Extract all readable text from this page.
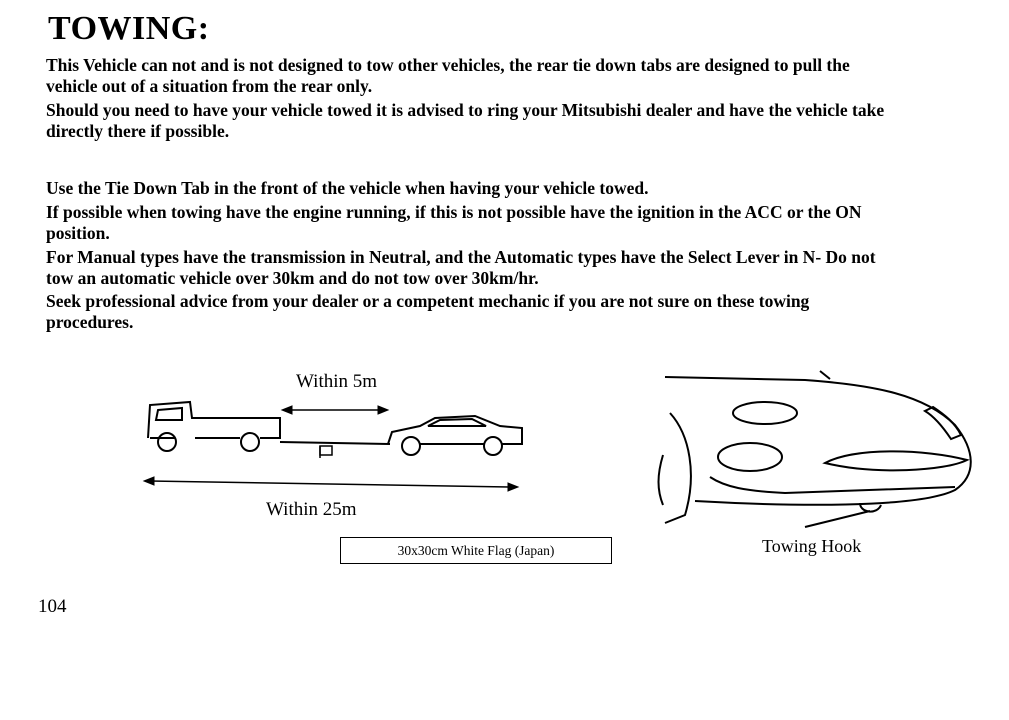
TOWING:
This Vehicle can not and is not designed to tow other vehicles, the rear tie down tabs are designed to pull the
vehicle out of a situation from the rear only.
Should you need to have your vehicle towed it is advised to ring your Mitsubishi dealer and have the vehicle take
directly there if possible.
Use the Tie Down Tab in the front of the vehicle when having your vehicle towed.
If possible when towing have the engine running, if this is not possible have the ignition in the ACC or the ON
position.
For Manual types have the transmission in Neutral, and the Automatic types have the Select Lever in N- Do not
tow an automatic vehicle over 30km and do not tow over 30km/hr.
Seek professional advice from your dealer or a competent mechanic if you are not sure on these towing
procedures.
Within 5m
Within 25m
30x30cm White Flag (Japan)	Towing Hook
104
